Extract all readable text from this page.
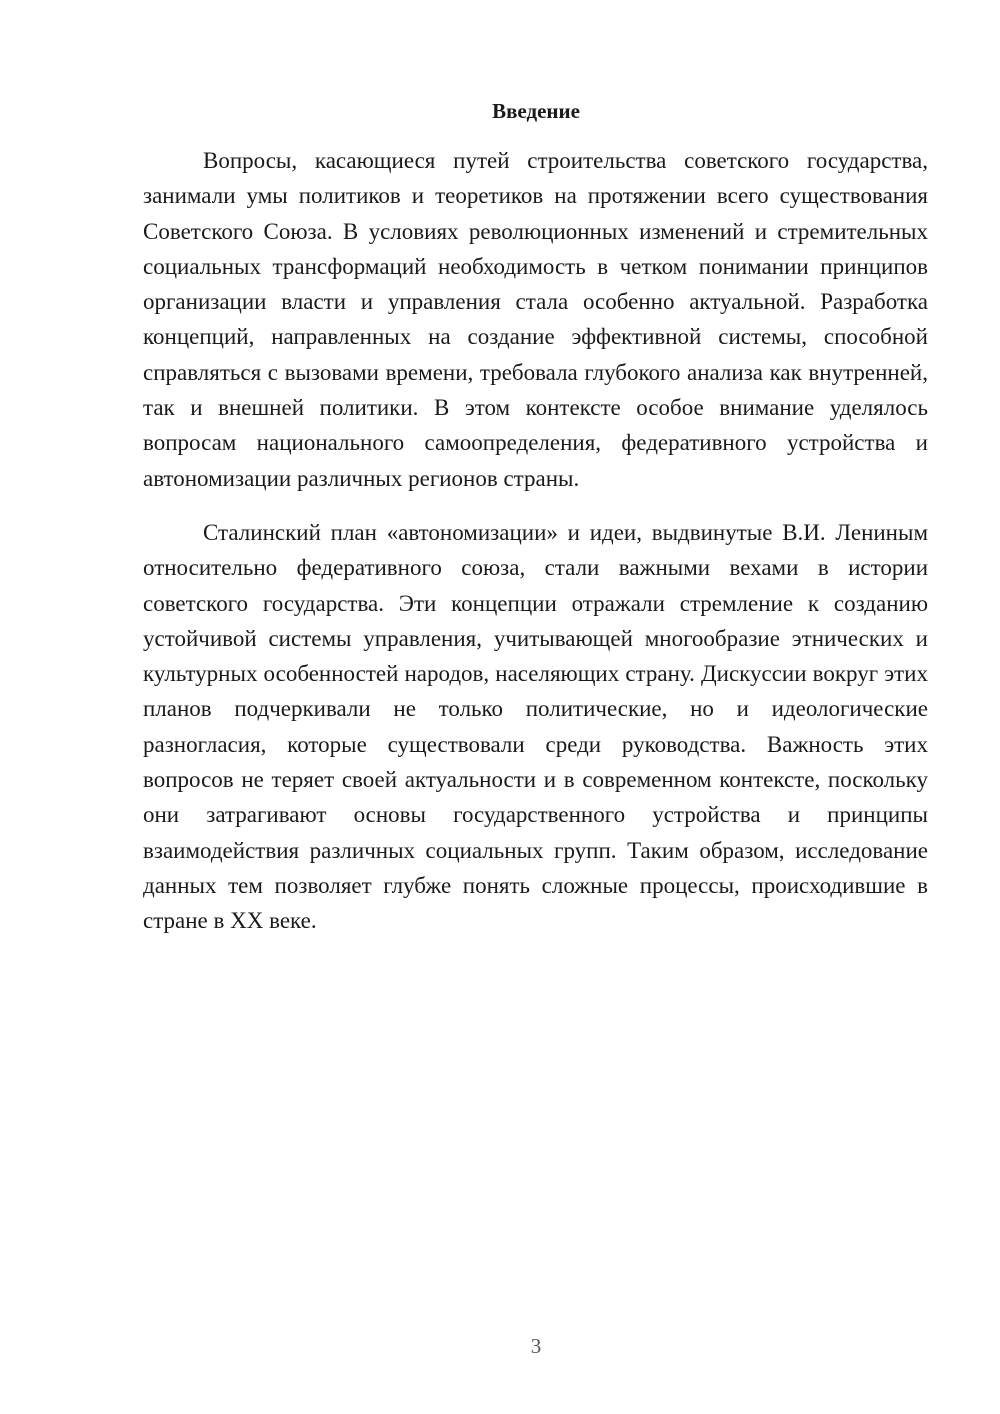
Введение

Вопросы, касающиеся путей строительства советского государства, занимали умы политиков и теоретиков на протяжении всего существования Советского Союза. В условиях революционных изменений и стремительных социальных трансформаций необходимость в четком понимании принципов организации власти и управления стала особенно актуальной. Разработка концепций, направленных на создание эффективной системы, способной справляться с вызовами времени, требовала глубокого анализа как внутренней, так и внешней политики. В этом контексте особое внимание уделялось вопросам национального самоопределения, федеративного устройства и автономизации различных регионов страны.

Сталинский план «автономизации» и идеи, выдвинутые В.И. Лениным относительно федеративного союза, стали важными вехами в истории советского государства. Эти концепции отражали стремление к созданию устойчивой системы управления, учитывающей многообразие этнических и культурных особенностей народов, населяющих страну. Дискуссии вокруг этих планов подчеркивали не только политические, но и идеологические разногласия, которые существовали среди руководства. Важность этих вопросов не теряет своей актуальности и в современном контексте, поскольку они затрагивают основы государственного устройства и принципы взаимодействия различных социальных групп. Таким образом, исследование данных тем позволяет глубже понять сложные процессы, происходившие в стране в XX веке.

3
